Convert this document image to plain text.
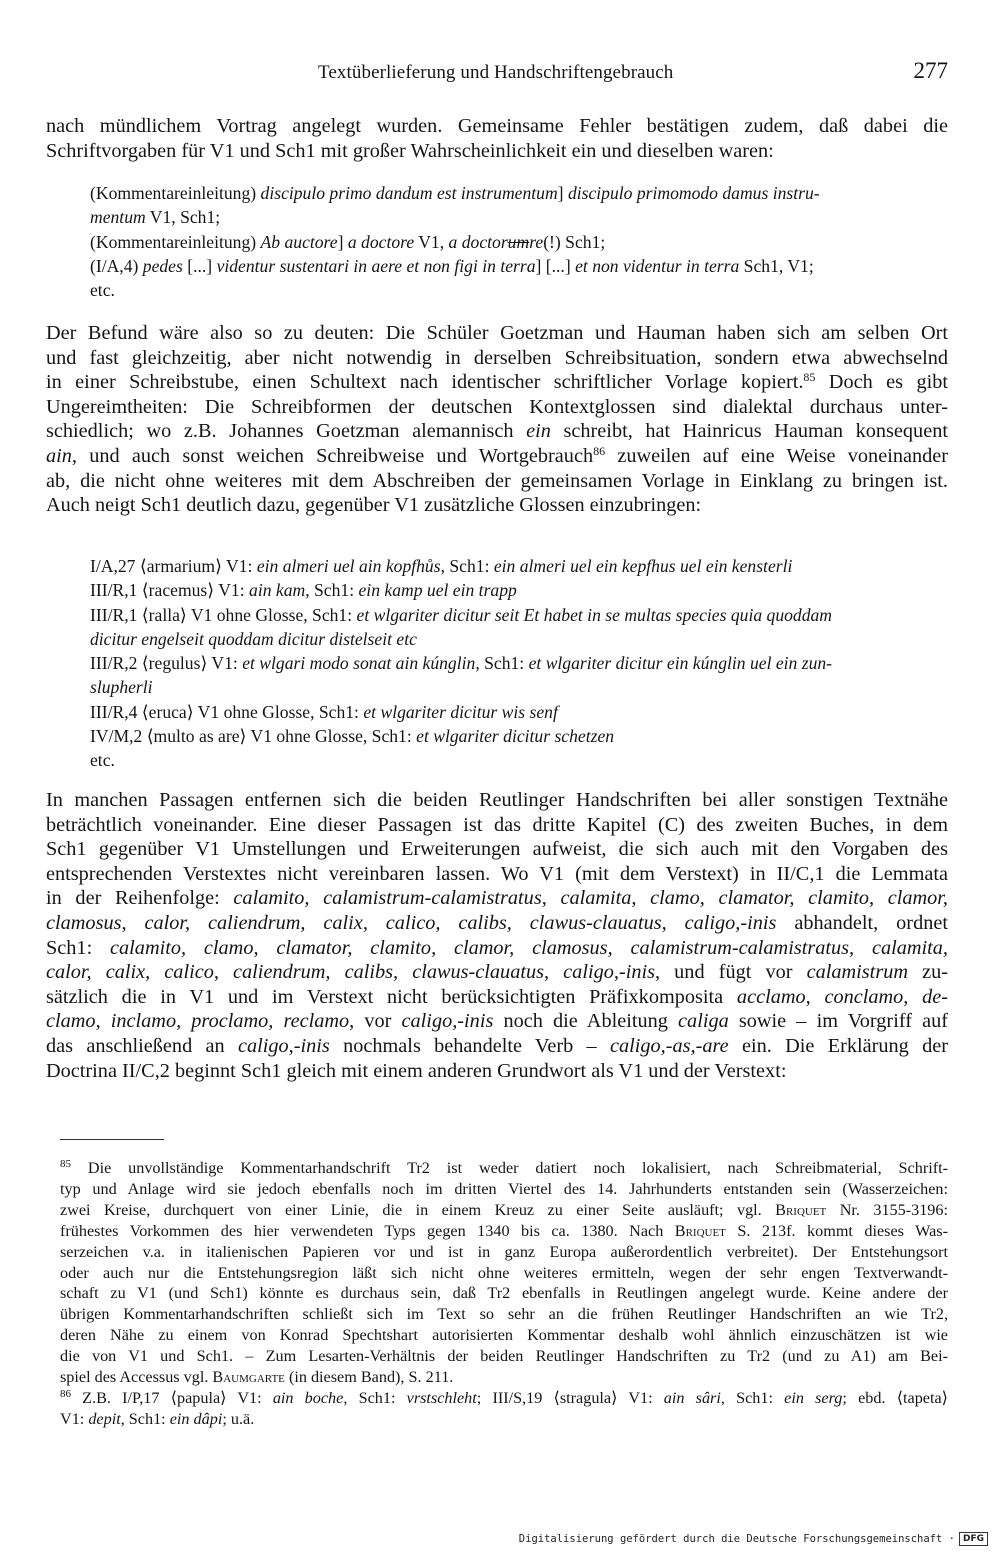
Textüberlieferung und Handschriftengebrauch	277
nach mündlichem Vortrag angelegt wurden. Gemeinsame Fehler bestätigen zudem, daß dabei die
Schriftvorgaben für V1 und Sch1 mit großer Wahrscheinlichkeit ein und dieselben waren:
(Kommentareinleitung) discipulo primo dandum est instrumentum] discipulo primomodo damus instru-
mentum V1, Sch1;
(Kommentareinleitung) Ab auctore] a doctore V1, a doctorumre(!) Sch1;
(I/A,4) pedes [...] videntur sustentari in aere et non figi in terra] [...] et non videntur in terra Sch1, V1;
etc.
Der Befund wäre also so zu deuten: Die Schüler Goetzman und Hauman haben sich am selben Ort
und fast gleichzeitig, aber nicht notwendig in derselben Schreibsituation, sondern etwa abwechselnd
in einer Schreibstube, einen Schultext nach identischer schriftlicher Vorlage kopiert.$^{85}$ Doch es gibt
Ungereimtheiten: Die Schreibformen der deutschen Kontextglossen sind dialektal durchaus unter-
schiedlich; wo z.B. Johannes Goetzman alemannisch ein schreibt, hat Hainricus Hauman konsequent
ain, und auch sonst weichen Schreibweise und Wortgebrauch$^{86}$ zuweilen auf eine Weise voneinander
ab, die nicht ohne weiteres mit dem Abschreiben der gemeinsamen Vorlage in Einklang zu bringen ist.
Auch neigt Sch1 deutlich dazu, gegenüber V1 zusätzliche Glossen einzubringen:
I/A,27 ⟨armarium⟩ V1: ein almeri uel ain kopfhůs, Sch1: ein almeri uel ein kepfhus uel ein kensterli
III/R,1 ⟨racemus⟩ V1: ain kam, Sch1: ein kamp uel ein trapp
III/R,1 ⟨ralla⟩ V1 ohne Glosse, Sch1: et wlgariter dicitur seit Et habet in se multas species quia quoddam
dicitur engelseit quoddam dicitur distelseit etc
III/R,2 ⟨regulus⟩ V1: et wlgari modo sonat ain kúnglin, Sch1: et wlgariter dicitur ein kúnglin uel ein zun-
slupherli
III/R,4 ⟨eruca⟩ V1 ohne Glosse, Sch1: et wlgariter dicitur wis senf
IV/M,2 ⟨multo as are⟩ V1 ohne Glosse, Sch1: et wlgariter dicitur schetzen
etc.
In manchen Passagen entfernen sich die beiden Reutlinger Handschriften bei aller sonstigen Textnähe
beträchtlich voneinander. Eine dieser Passagen ist das dritte Kapitel (C) des zweiten Buches, in dem
Sch1 gegenüber V1 Umstellungen und Erweiterungen aufweist, die sich auch mit den Vorgaben des
entsprechenden Verstextes nicht vereinbaren lassen. Wo V1 (mit dem Verstext) in II/C,1 die Lemmata
in der Reihenfolge: calamito, calamistrum-calamistratus, calamita, clamo, clamator, clamito, clamor,
clamosus, calor, caliendrum, calix, calico, calibs, clawus-clauatus, caligo,-inis abhandelt, ordnet
Sch1: calamito, clamo, clamator, clamito, clamor, clamosus, calamistrum-calamistratus, calamita,
calor, calix, calico, caliendrum, calibs, clawus-clauatus, caligo,-inis, und fügt vor calamistrum zu-
sätzlich die in V1 und im Verstext nicht berücksichtigten Präfixkomposita acclamo, conclamo, de-
clamo, inclamo, proclamo, reclamo, vor caligo,-inis noch die Ableitung caliga sowie – im Vorgriff auf
das anschließend an caligo,-inis nochmals behandelte Verb – caligo,-as,-are ein. Die Erklärung der
Doctrina II/C,2 beginnt Sch1 gleich mit einem anderen Grundwort als V1 und der Verstext:
$^{85}$ Die unvollständige Kommentarhandschrift Tr2 ist weder datiert noch lokalisiert, nach Schreibmaterial, Schrift-
typ und Anlage wird sie jedoch ebenfalls noch im dritten Viertel des 14. Jahrhunderts entstanden sein (Wasserzeichen:
zwei Kreise, durchquert von einer Linie, die in einem Kreuz zu einer Seite ausläuft; vgl. Briquet Nr. 3155-3196:
frühestes Vorkommen des hier verwendeten Typs gegen 1340 bis ca. 1380. Nach Briquet S. 213f. kommt dieses Was-
serzeichen v.a. in italienischen Papieren vor und ist in ganz Europa außerordentlich verbreitet). Der Entstehungsort
oder auch nur die Entstehungsregion läßt sich nicht ohne weiteres ermitteln, wegen der sehr engen Textverwandt-
schaft zu V1 (und Sch1) könnte es durchaus sein, daß Tr2 ebenfalls in Reutlingen angelegt wurde. Keine andere der
übrigen Kommentarhandschriften schließt sich im Text so sehr an die frühen Reutlinger Handschriften an wie Tr2,
deren Nähe zu einem von Konrad Spechtshart autorisierten Kommentar deshalb wohl ähnlich einzuschätzen ist wie
die von V1 und Sch1. – Zum Lesarten-Verhältnis der beiden Reutlinger Handschriften zu Tr2 (und zu A1) am Bei-
spiel des Accessus vgl. Baumgarte (in diesem Band), S. 211.
$^{86}$ Z.B. I/P,17 ⟨papula⟩ V1: ain boche, Sch1: vrstschleht; III/S,19 ⟨stragula⟩ V1: ain sâri, Sch1: ein serg; ebd. ⟨tapeta⟩
V1: depit, Sch1: ein dâpi; u.ä.
Digitalisierung gefördert durch die Deutsche Forschungsgemeinschaft · DFG
